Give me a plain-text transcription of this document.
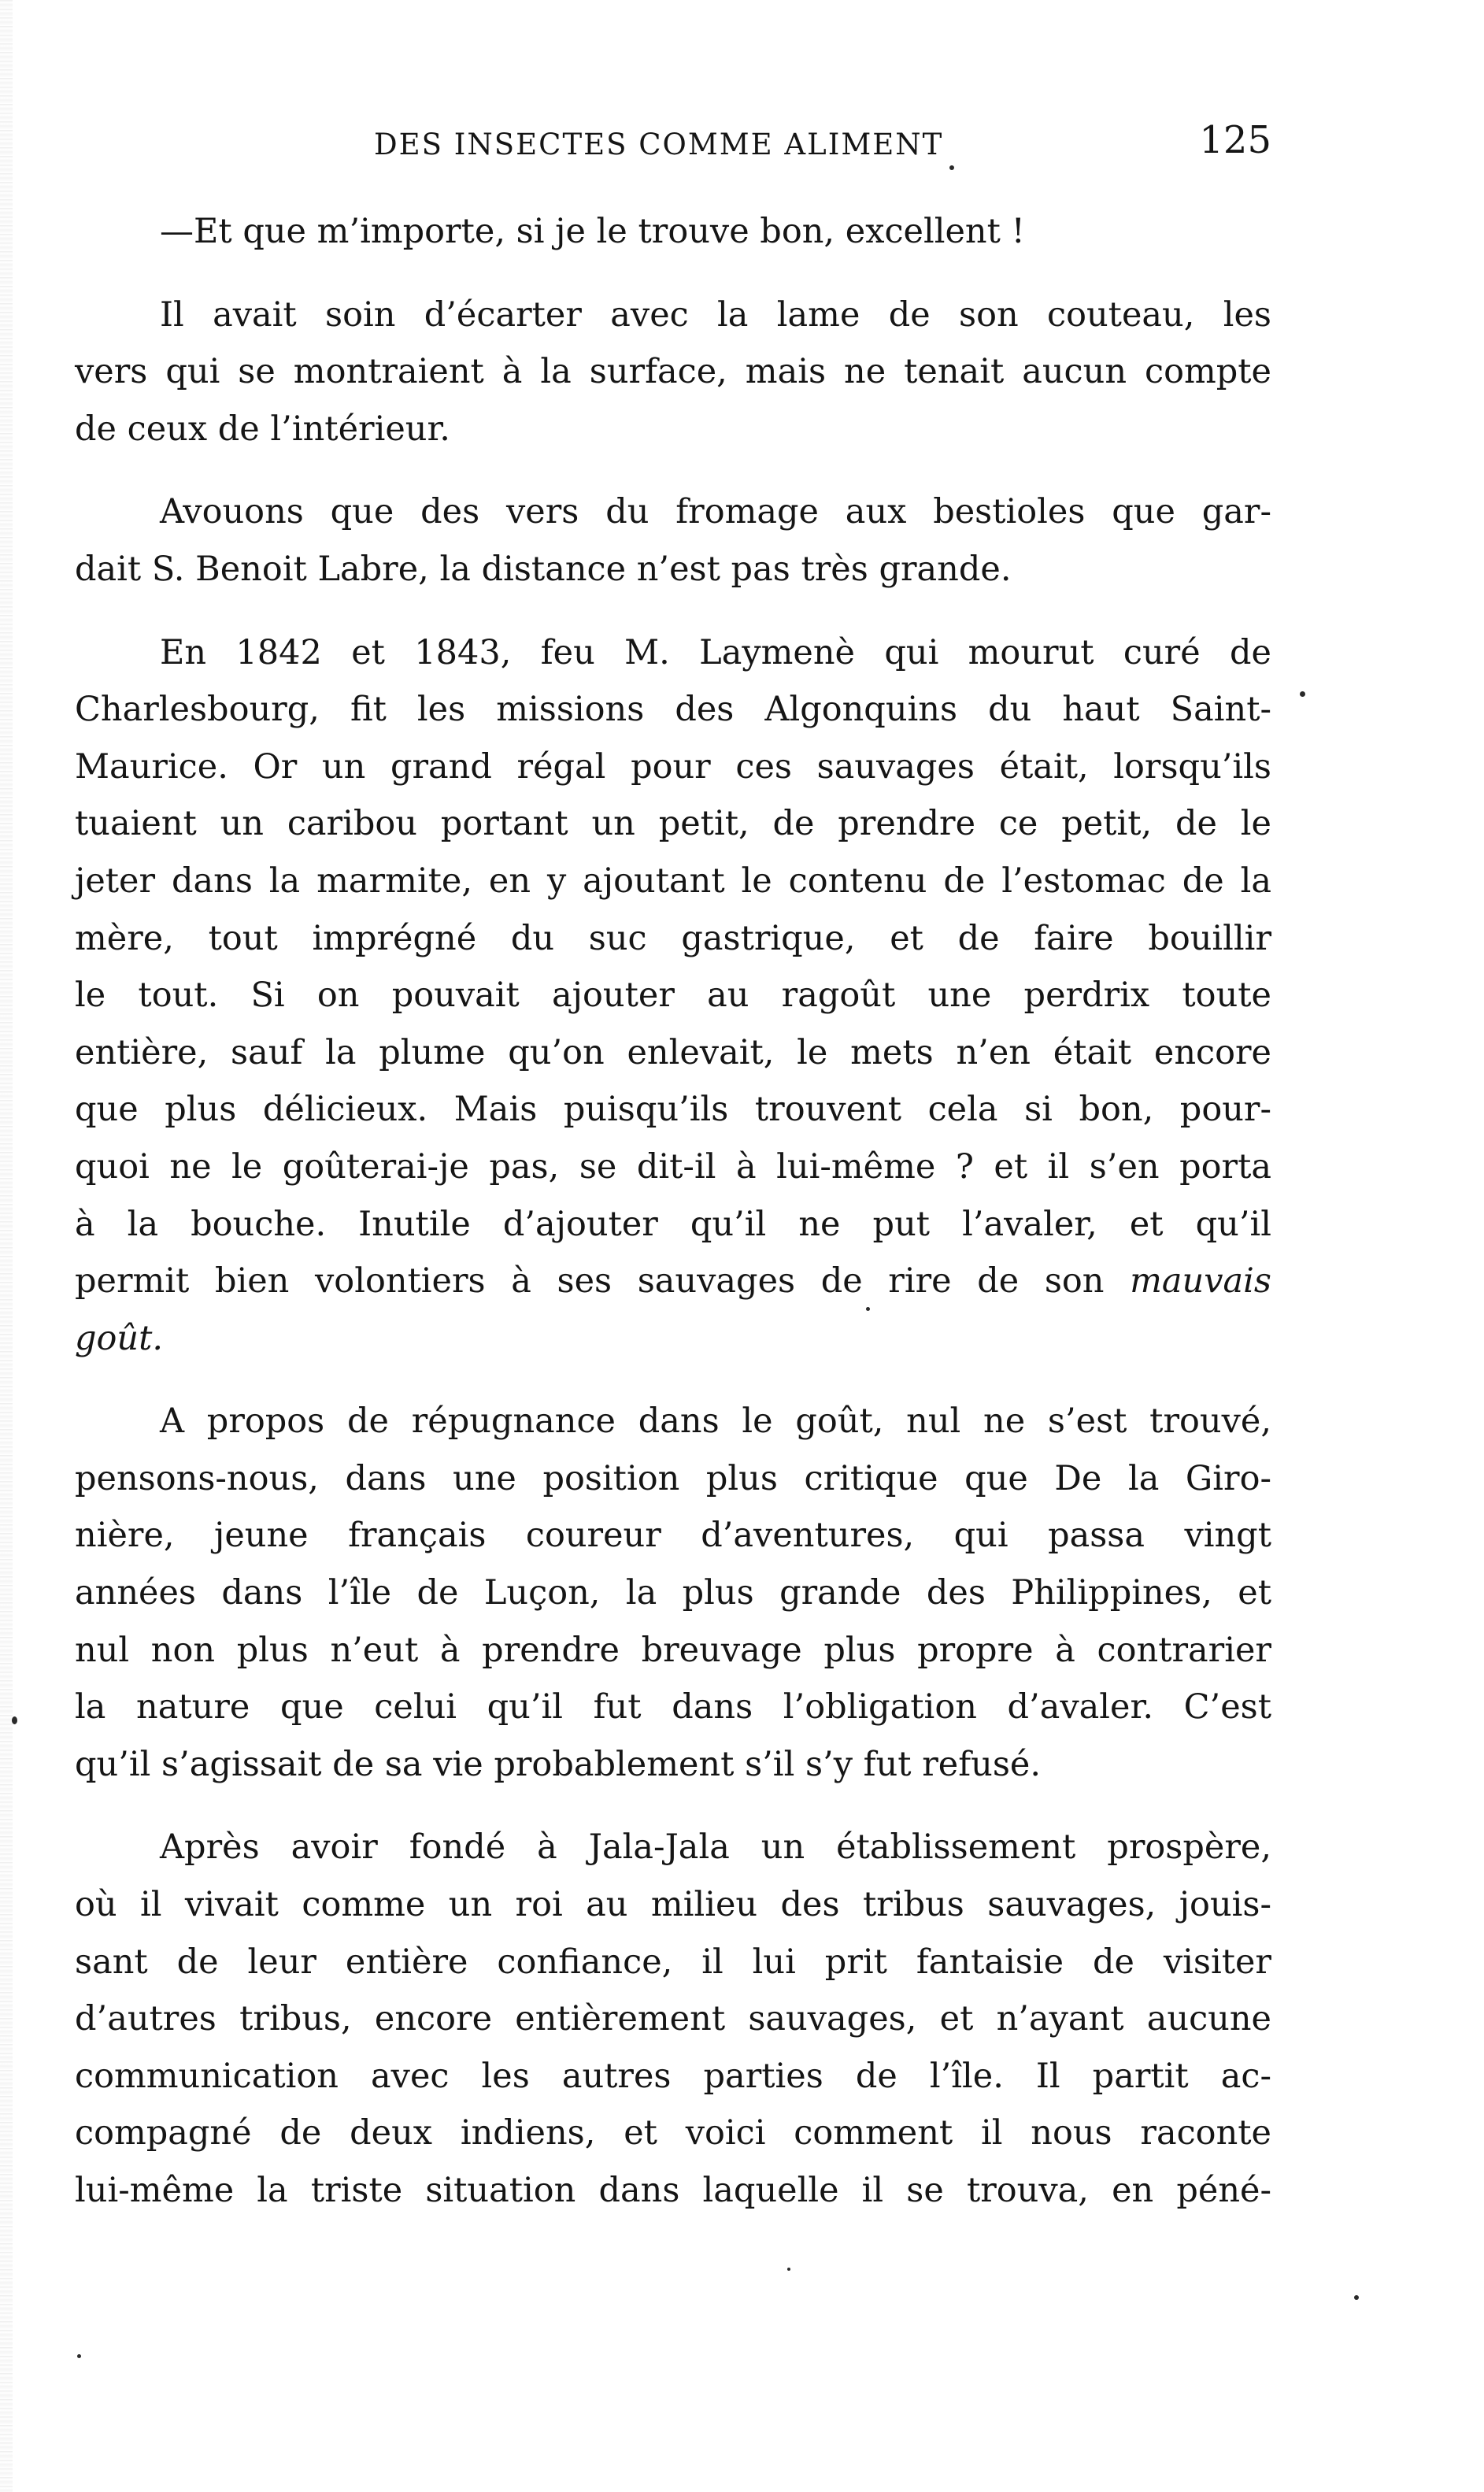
DES INSECTES COMME ALIMENT	125

—Et que m’importe, si je le trouve bon, excellent !

Il avait soin d’écarter avec la lame de son couteau, les
vers qui se montraient à la surface, mais ne tenait aucun compte
de ceux de l’intérieur.

Avouons que des vers du fromage aux bestioles que gar-
dait S. Benoit Labre, la distance n’est pas très grande.

En 1842 et 1843, feu M. Laymenè qui mourut curé de
Charlesbourg, fit les missions des Algonquins du haut Saint-
Maurice. Or un grand régal pour ces sauvages était, lorsqu’ils
tuaient un caribou portant un petit, de prendre ce petit, de le
jeter dans la marmite, en y ajoutant le contenu de l’estomac de la
mère, tout imprégné du suc gastrique, et de faire bouillir
le tout. Si on pouvait ajouter au ragoût une perdrix toute
entière, sauf la plume qu’on enlevait, le mets n’en était encore
que plus délicieux. Mais puisqu’ils trouvent cela si bon, pour-
quoi ne le goûterai-je pas, se dit-il à lui-même ? et il s’en porta
à la bouche. Inutile d’ajouter qu’il ne put l’avaler, et qu’il
permit bien volontiers à ses sauvages de rire de son mauvais
goût.

A propos de répugnance dans le goût, nul ne s’est trouvé,
pensons-nous, dans une position plus critique que De la Giro-
nière, jeune français coureur d’aventures, qui passa vingt
années dans l’île de Luçon, la plus grande des Philippines, et
nul non plus n’eut à prendre breuvage plus propre à contrarier
la nature que celui qu’il fut dans l’obligation d’avaler. C’est
qu’il s’agissait de sa vie probablement s’il s’y fut refusé.

Après avoir fondé à Jala-Jala un établissement prospère,
où il vivait comme un roi au milieu des tribus sauvages, jouis-
sant de leur entière confiance, il lui prit fantaisie de visiter
d’autres tribus, encore entièrement sauvages, et n’ayant aucune
communication avec les autres parties de l’île. Il partit ac-
compagné de deux indiens, et voici comment il nous raconte
lui-même la triste situation dans laquelle il se trouva, en péné-
